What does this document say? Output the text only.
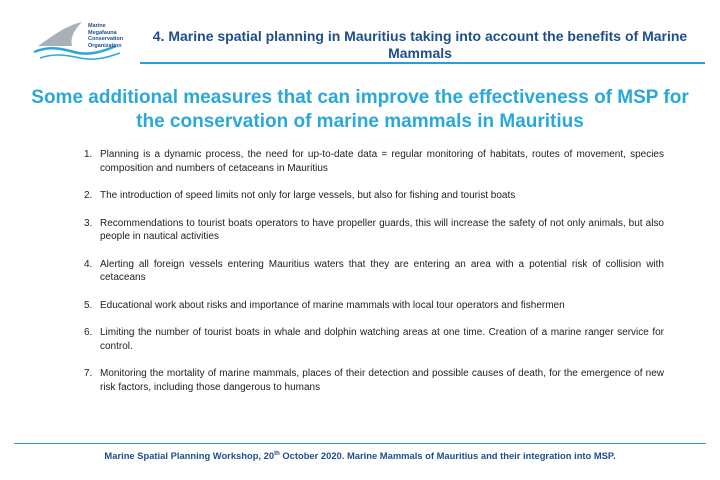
Marine
Megafauna
Conservation
Organization
4. Marine spatial planning in Mauritius taking into account the benefits of Marine Mammals
Some additional measures that can improve the effectiveness of MSP for the conservation of marine mammals in Mauritius
1. Planning is a dynamic process, the need for up-to-date data = regular monitoring of habitats, routes of movement, species composition and numbers of cetaceans in Mauritius
2. The introduction of speed limits not only for large vessels, but also for fishing and tourist boats
3. Recommendations to tourist boats operators to have propeller guards, this will increase the safety of not only animals, but also people in nautical activities
4. Alerting all foreign vessels entering Mauritius waters that they are entering an area with a potential risk of collision with cetaceans
5. Educational work about risks and importance of marine mammals with local tour operators and fishermen
6. Limiting the number of tourist boats in whale and dolphin watching areas at one time. Creation of a marine ranger service for control.
7. Monitoring the mortality of marine mammals, places of their detection and possible causes of death, for the emergence of new risk factors, including those dangerous to humans
Marine Spatial Planning Workshop, 20th October 2020. Marine Mammals of Mauritius and their integration into MSP.
